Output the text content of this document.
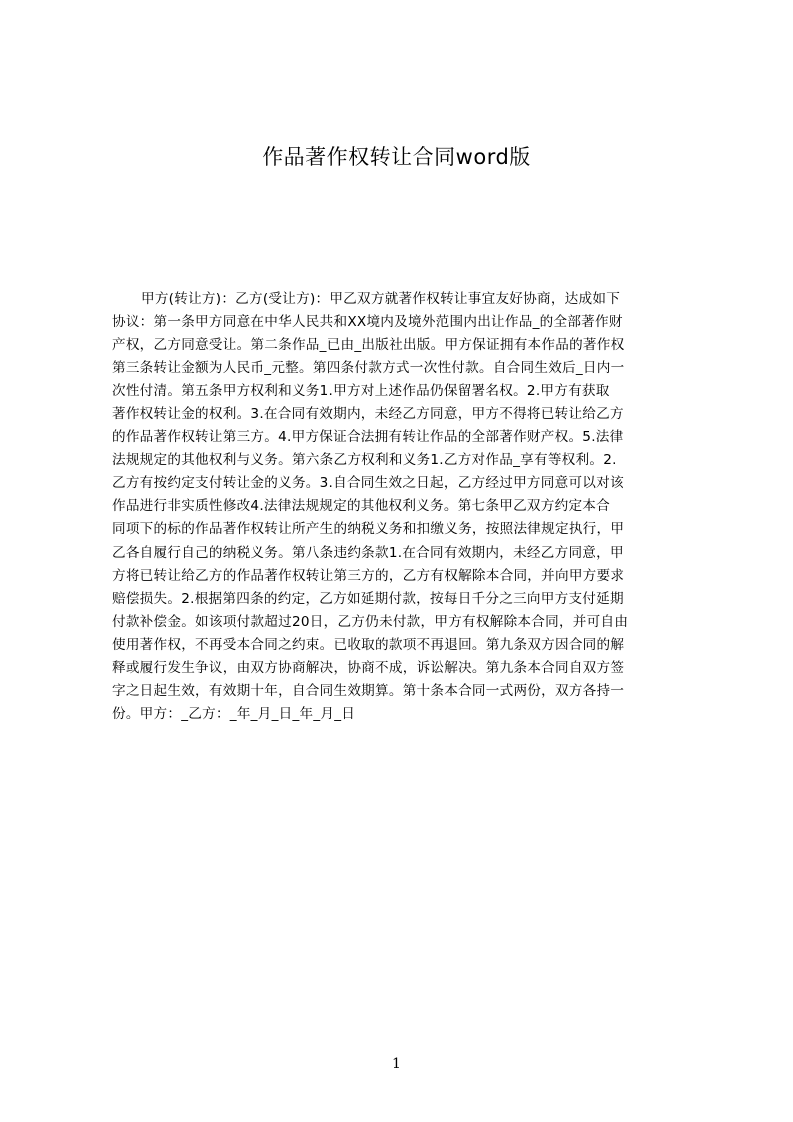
作品著作权转让合同word版
甲方(转让方)：乙方(受让方)：甲乙双方就著作权转让事宜友好协商，达成如下
协议：第一条甲方同意在中华人民共和XX境内及境外范围内出让作品_的全部著作财
产权，乙方同意受让。第二条作品_已由_出版社出版。甲方保证拥有本作品的著作权
第三条转让金额为人民币_元整。第四条付款方式一次性付款。自合同生效后_日内一
次性付清。第五条甲方权利和义务1.甲方对上述作品仍保留署名权。2.甲方有获取
著作权转让金的权利。3.在合同有效期内，未经乙方同意，甲方不得将已转让给乙方
的作品著作权转让第三方。4.甲方保证合法拥有转让作品的全部著作财产权。5.法律
法规规定的其他权利与义务。第六条乙方权利和义务1.乙方对作品_享有等权利。2.
乙方有按约定支付转让金的义务。3.自合同生效之日起，乙方经过甲方同意可以对该
作品进行非实质性修改4.法律法规规定的其他权利义务。第七条甲乙双方约定本合
同项下的标的作品著作权转让所产生的纳税义务和扣缴义务，按照法律规定执行，甲
乙各自履行自己的纳税义务。第八条违约条款1.在合同有效期内，未经乙方同意，甲
方将已转让给乙方的作品著作权转让第三方的，乙方有权解除本合同，并向甲方要求
赔偿损失。2.根据第四条的约定，乙方如延期付款，按每日千分之三向甲方支付延期
付款补偿金。如该项付款超过20日，乙方仍未付款，甲方有权解除本合同，并可自由
使用著作权，不再受本合同之约束。已收取的款项不再退回。第九条双方因合同的解
释或履行发生争议，由双方协商解决，协商不成，诉讼解决。第九条本合同自双方签
字之日起生效，有效期十年，自合同生效期算。第十条本合同一式两份，双方各持一
份。甲方：_乙方：_年_月_日_年_月_日
1
